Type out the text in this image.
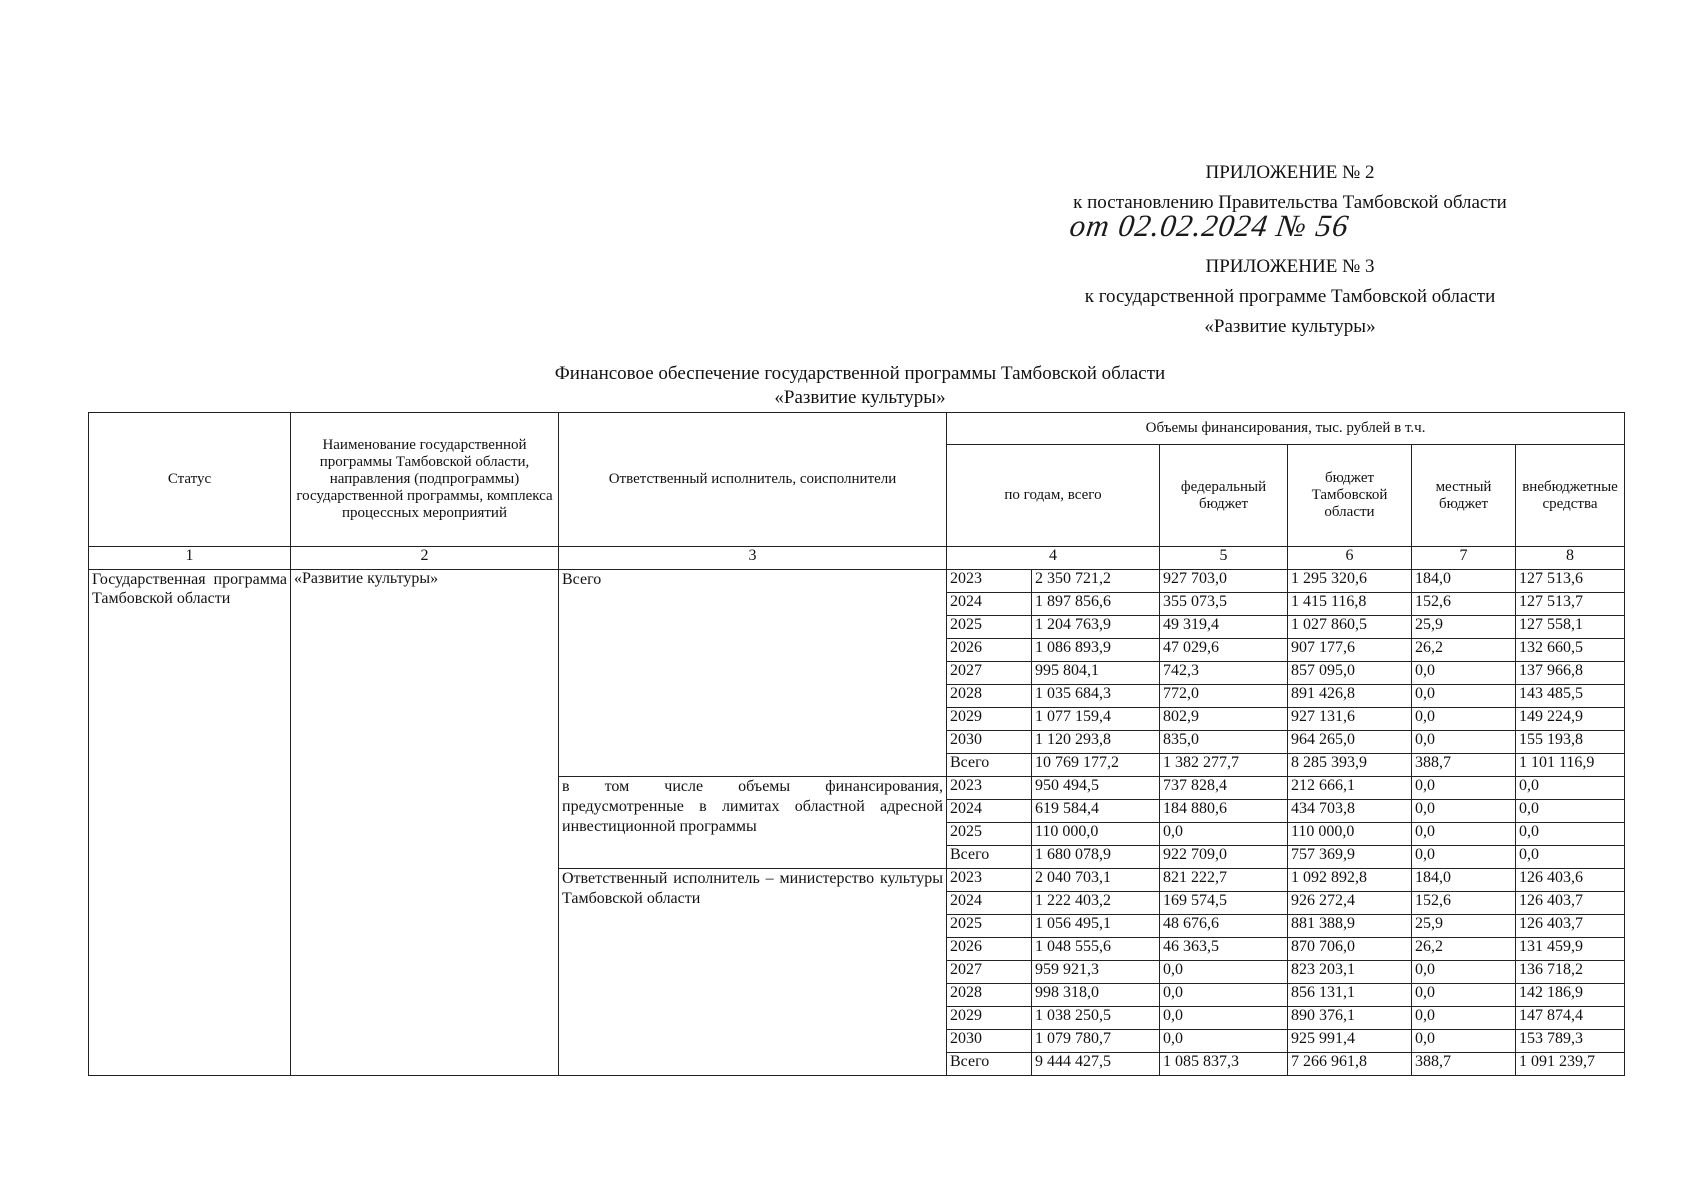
ПРИЛОЖЕНИЕ № 2
к постановлению Правительства Тамбовской области
от 02.02.2024 № 56
ПРИЛОЖЕНИЕ № 3
к государственной программе Тамбовской области
«Развитие культуры»
Финансовое обеспечение государственной программы Тамбовской области
«Развитие культуры»
Статус	Наименование государственной программы Тамбовской области, направления (подпрограммы) государственной программы, комплекса процессных мероприятий	Ответственный исполнитель, соисполнители	Объемы финансирования, тыс. рублей в т.ч.					
			по годам, всего		федеральный бюджет	бюджет Тамбовской области	местный бюджет	внебюджетные средства
1	2	3	4		5	6	7	8
Государственная программа Тамбовской области	«Развитие культуры»	Всего	2023	2 350 721,2	927 703,0	1 295 320,6	184,0	127 513,6
			2024	1 897 856,6	355 073,5	1 415 116,8	152,6	127 513,7
			2025	1 204 763,9	49 319,4	1 027 860,5	25,9	127 558,1
			2026	1 086 893,9	47 029,6	907 177,6	26,2	132 660,5
			2027	995 804,1	742,3	857 095,0	0,0	137 966,8
			2028	1 035 684,3	772,0	891 426,8	0,0	143 485,5
			2029	1 077 159,4	802,9	927 131,6	0,0	149 224,9
			2030	1 120 293,8	835,0	964 265,0	0,0	155 193,8
			Всего	10 769 177,2	1 382 277,7	8 285 393,9	388,7	1 101 116,9
		в том числе объемы финансирования, предусмотренные в лимитах областной адресной инвестиционной программы	2023	950 494,5	737 828,4	212 666,1	0,0	0,0
			2024	619 584,4	184 880,6	434 703,8	0,0	0,0
			2025	110 000,0	0,0	110 000,0	0,0	0,0
			Всего	1 680 078,9	922 709,0	757 369,9	0,0	0,0
		Ответственный исполнитель – министерство культуры Тамбовской области	2023	2 040 703,1	821 222,7	1 092 892,8	184,0	126 403,6
			2024	1 222 403,2	169 574,5	926 272,4	152,6	126 403,7
			2025	1 056 495,1	48 676,6	881 388,9	25,9	126 403,7
			2026	1 048 555,6	46 363,5	870 706,0	26,2	131 459,9
			2027	959 921,3	0,0	823 203,1	0,0	136 718,2
			2028	998 318,0	0,0	856 131,1	0,0	142 186,9
			2029	1 038 250,5	0,0	890 376,1	0,0	147 874,4
			2030	1 079 780,7	0,0	925 991,4	0,0	153 789,3
			Всего	9 444 427,5	1 085 837,3	7 266 961,8	388,7	1 091 239,7
